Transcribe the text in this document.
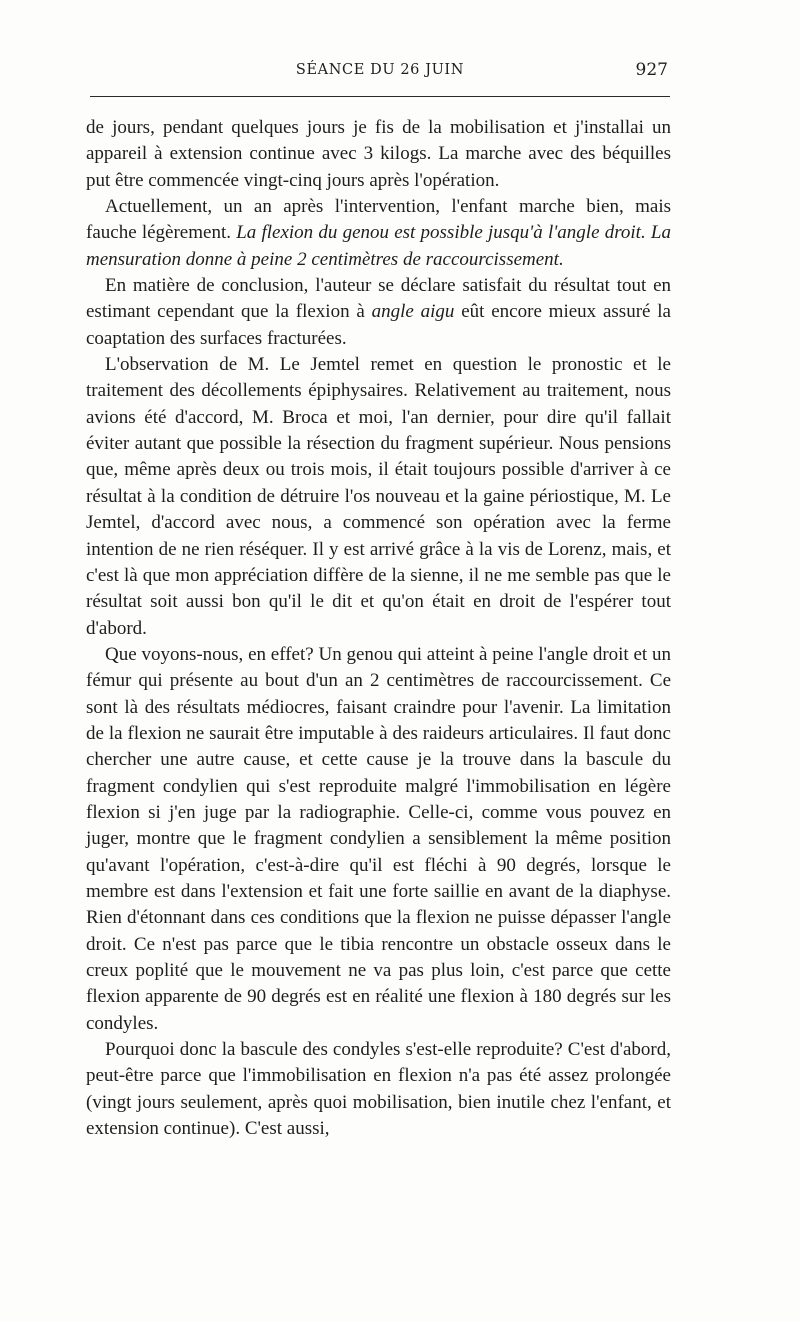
SÉANCE DU 26 JUIN	927

de jours, pendant quelques jours je fis de la mobilisation et j'installai un appareil à extension continue avec 3 kilogs. La marche avec des béquilles put être commencée vingt-cinq jours après l'opération.

Actuellement, un an après l'intervention, l'enfant marche bien, mais fauche légèrement. La flexion du genou est possible jusqu'à l'angle droit. La mensuration donne à peine 2 centimètres de raccourcissement.

En matière de conclusion, l'auteur se déclare satisfait du résultat tout en estimant cependant que la flexion à angle aigu eût encore mieux assuré la coaptation des surfaces fracturées.

L'observation de M. Le Jemtel remet en question le pronostic et le traitement des décollements épiphysaires. Relativement au traitement, nous avions été d'accord, M. Broca et moi, l'an dernier, pour dire qu'il fallait éviter autant que possible la résection du fragment supérieur. Nous pensions que, même après deux ou trois mois, il était toujours possible d'arriver à ce résultat à la condition de détruire l'os nouveau et la gaine périostique, M. Le Jemtel, d'accord avec nous, a commencé son opération avec la ferme intention de ne rien réséquer. Il y est arrivé grâce à la vis de Lorenz, mais, et c'est là que mon appréciation diffère de la sienne, il ne me semble pas que le résultat soit aussi bon qu'il le dit et qu'on était en droit de l'espérer tout d'abord.

Que voyons-nous, en effet? Un genou qui atteint à peine l'angle droit et un fémur qui présente au bout d'un an 2 centimètres de raccourcissement. Ce sont là des résultats médiocres, faisant craindre pour l'avenir. La limitation de la flexion ne saurait être imputable à des raideurs articulaires. Il faut donc chercher une autre cause, et cette cause je la trouve dans la bascule du fragment condylien qui s'est reproduite malgré l'immobilisation en légère flexion si j'en juge par la radiographie. Celle-ci, comme vous pouvez en juger, montre que le fragment condylien a sensiblement la même position qu'avant l'opération, c'est-à-dire qu'il est fléchi à 90 degrés, lorsque le membre est dans l'extension et fait une forte saillie en avant de la diaphyse. Rien d'étonnant dans ces conditions que la flexion ne puisse dépasser l'angle droit. Ce n'est pas parce que le tibia rencontre un obstacle osseux dans le creux poplité que le mouvement ne va pas plus loin, c'est parce que cette flexion apparente de 90 degrés est en réalité une flexion à 180 degrés sur les condyles.

Pourquoi donc la bascule des condyles s'est-elle reproduite? C'est d'abord, peut-être parce que l'immobilisation en flexion n'a pas été assez prolongée (vingt jours seulement, après quoi mobilisation, bien inutile chez l'enfant, et extension continue). C'est aussi,
